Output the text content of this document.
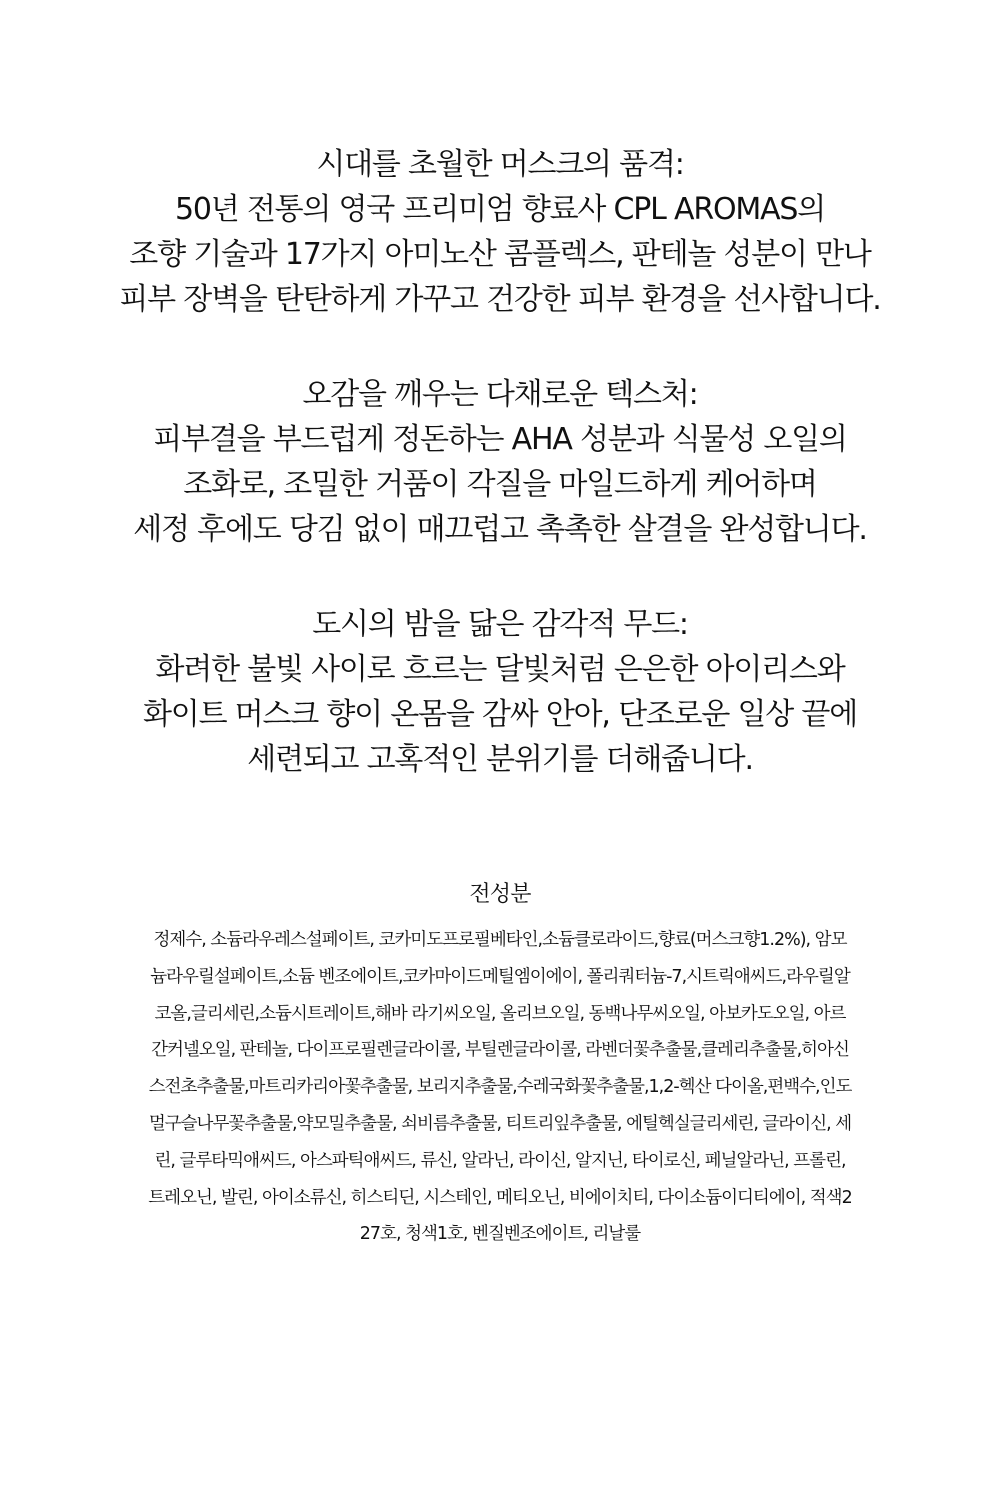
시대를 초월한 머스크의 품격:
50년 전통의 영국 프리미엄 향료사 CPL AROMAS의
조향 기술과 17가지 아미노산 콤플렉스, 판테놀 성분이 만나
피부 장벽을 탄탄하게 가꾸고 건강한 피부 환경을 선사합니다.
오감을 깨우는 다채로운 텍스처:
피부결을 부드럽게 정돈하는 AHA 성분과 식물성 오일의
조화로, 조밀한 거품이 각질을 마일드하게 케어하며
세정 후에도 당김 없이 매끄럽고 촉촉한 살결을 완성합니다.
도시의 밤을 닮은 감각적 무드:
화려한 불빛 사이로 흐르는 달빛처럼 은은한 아이리스와
화이트 머스크 향이 온몸을 감싸 안아, 단조로운 일상 끝에
세련되고 고혹적인 분위기를 더해줍니다.
전성분
정제수, 소듐라우레스설페이트, 코카미도프로필베타인,소듐클로라이드,향료(머스크향1.2%), 암모
늄라우릴설페이트,소듐 벤조에이트,코카마이드메틸엠이에이, 폴리쿼터늄-7,시트릭애씨드,라우릴알
코올,글리세린,소듐시트레이트,해바 라기씨오일, 올리브오일, 동백나무씨오일, 아보카도오일, 아르
간커넬오일, 판테놀, 다이프로필렌글라이콜, 부틸렌글라이콜, 라벤더꽃추출물,클레리추출물,히아신
스전초추출물,마트리카리아꽃추출물, 보리지추출물,수레국화꽃추출물,1,2-헥산 다이올,편백수,인도
멀구슬나무꽃추출물,약모밀추출물, 쇠비름추출물, 티트리잎추출물, 에틸헥실글리세린, 글라이신, 세
린, 글루타믹애씨드, 아스파틱애씨드, 류신, 알라닌, 라이신, 알지닌, 타이로신, 페닐알라닌, 프롤린,
트레오닌, 발린, 아이소류신, 히스티딘, 시스테인, 메티오닌, 비에이치티, 다이소듐이디티에이, 적색2
27호, 청색1호, 벤질벤조에이트, 리날룰
